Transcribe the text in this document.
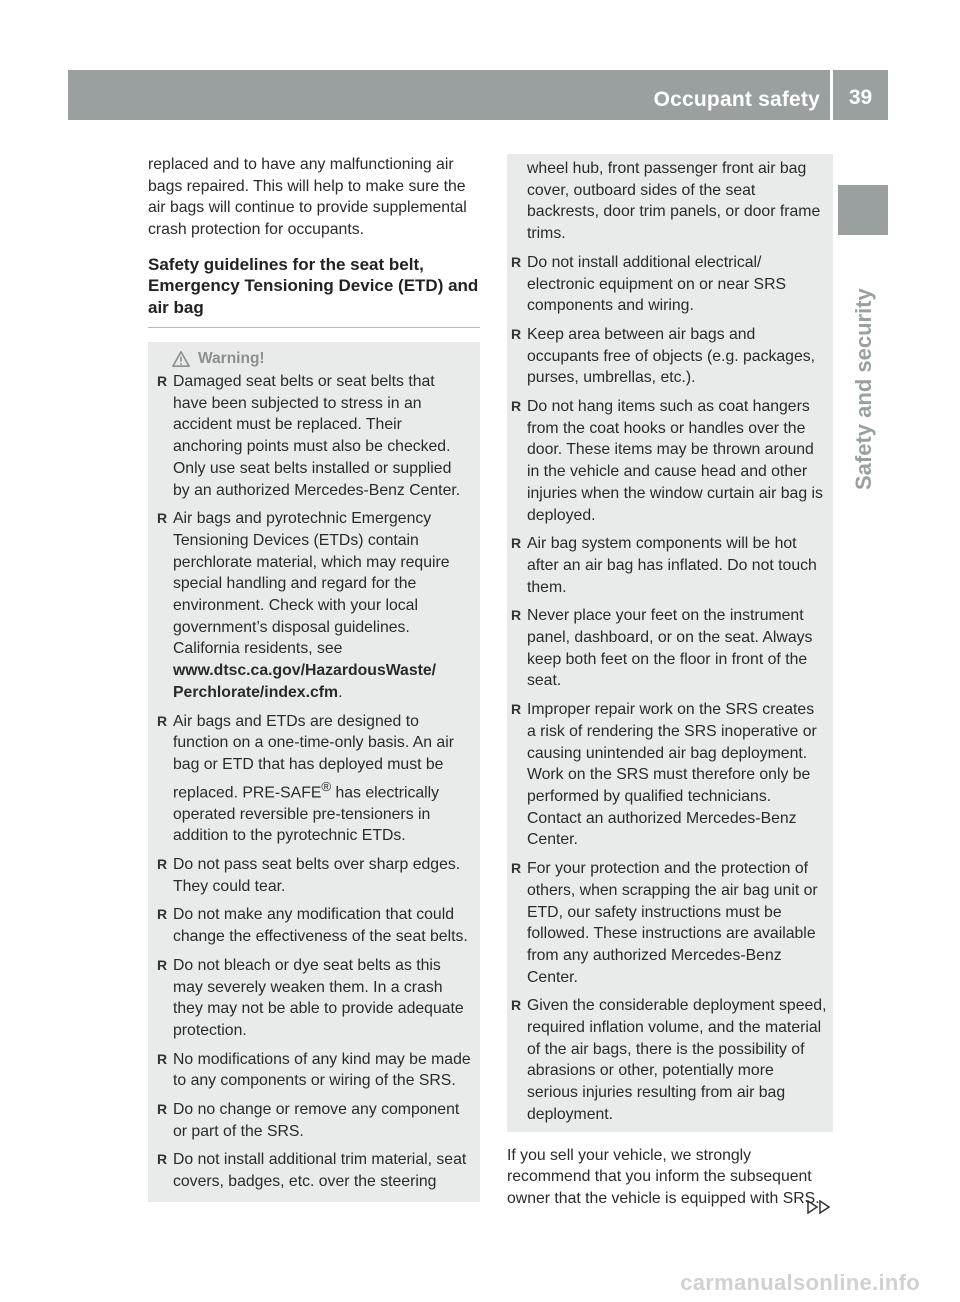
Occupant safety	39
Safety and security

replaced and to have any malfunctioning air bags repaired. This will help to make sure the air bags will continue to provide supplemental crash protection for occupants.

Safety guidelines for the seat belt, Emergency Tensioning Device (ETD) and air bag
Warning!
R Damaged seat belts or seat belts that have been subjected to stress in an accident must be replaced. Their anchoring points must also be checked. Only use seat belts installed or supplied by an authorized Mercedes-Benz Center.
R Air bags and pyrotechnic Emergency Tensioning Devices (ETDs) contain perchlorate material, which may require special handling and regard for the environment. Check with your local government’s disposal guidelines. California residents, see
www.dtsc.ca.gov/HazardousWaste/ Perchlorate/index.cfm.
R Air bags and ETDs are designed to function on a one-time-only basis. An air bag or ETD that has deployed must be replaced. PRE-SAFE® has electrically operated reversible pre-tensioners in addition to the pyrotechnic ETDs.
R Do not pass seat belts over sharp edges. They could tear.
R Do not make any modification that could change the effectiveness of the seat belts.
R Do not bleach or dye seat belts as this may severely weaken them. In a crash they may not be able to provide adequate protection.
R No modifications of any kind may be made to any components or wiring of the SRS.
R Do no change or remove any component or part of the SRS.
R Do not install additional trim material, seat covers, badges, etc. over the steering

wheel hub, front passenger front air bag cover, outboard sides of the seat backrests, door trim panels, or door frame trims.

R Do not install additional electrical/ electronic equipment on or near SRS components and wiring.
R Keep area between air bags and occupants free of objects (e.g. packages, purses, umbrellas, etc.).
R Do not hang items such as coat hangers from the coat hooks or handles over the door. These items may be thrown around in the vehicle and cause head and other injuries when the window curtain air bag is deployed.
R Air bag system components will be hot after an air bag has inflated. Do not touch them.
R Never place your feet on the instrument panel, dashboard, or on the seat. Always keep both feet on the floor in front of the seat.
R Improper repair work on the SRS creates a risk of rendering the SRS inoperative or causing unintended air bag deployment. Work on the SRS must therefore only be performed by qualified technicians. Contact an authorized Mercedes-Benz Center.
R For your protection and the protection of others, when scrapping the air bag unit or ETD, our safety instructions must be followed. These instructions are available from any authorized Mercedes-Benz Center.
R Given the considerable deployment speed, required inflation volume, and the material of the air bags, there is the possibility of abrasions or other, potentially more serious injuries resulting from air bag deployment.

If you sell your vehicle, we strongly recommend that you inform the subsequent owner that the vehicle is equipped with SRS.

carmanualsonline.info
